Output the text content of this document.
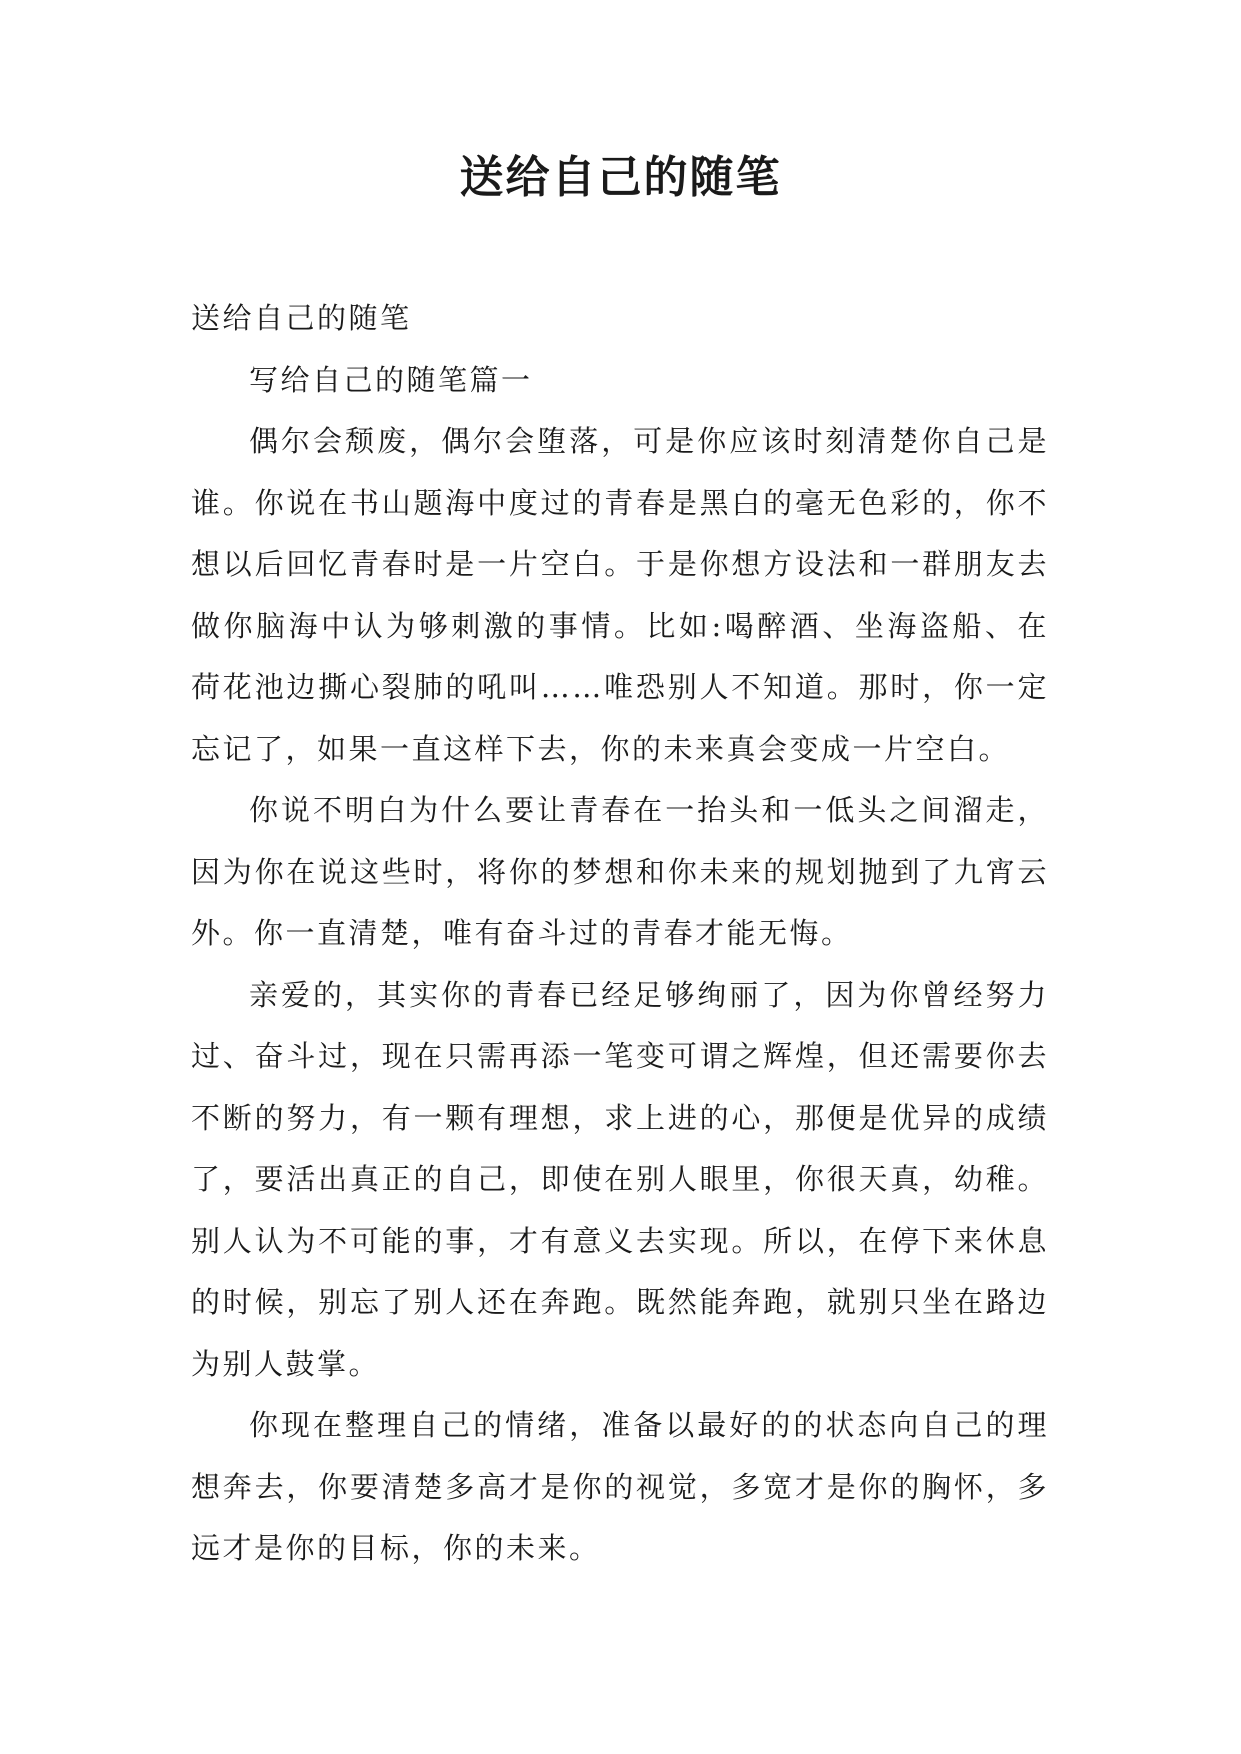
送给自己的随笔

送给自己的随笔

写给自己的随笔篇一

偶尔会颓废，偶尔会堕落，可是你应该时刻清楚你自己是谁。你说在书山题海中度过的青春是黑白的毫无色彩的，你不想以后回忆青春时是一片空白。于是你想方设法和一群朋友去做你脑海中认为够刺激的事情。比如:喝醉酒、坐海盗船、在荷花池边撕心裂肺的吼叫……唯恐别人不知道。那时，你一定忘记了，如果一直这样下去，你的未来真会变成一片空白。

你说不明白为什么要让青春在一抬头和一低头之间溜走，因为你在说这些时，将你的梦想和你未来的规划抛到了九宵云外。你一直清楚，唯有奋斗过的青春才能无悔。

亲爱的，其实你的青春已经足够绚丽了，因为你曾经努力过、奋斗过，现在只需再添一笔变可谓之辉煌，但还需要你去不断的努力，有一颗有理想，求上进的心，那便是优异的成绩了，要活出真正的自己，即使在别人眼里，你很天真，幼稚。别人认为不可能的事，才有意义去实现。所以，在停下来休息的时候，别忘了别人还在奔跑。既然能奔跑，就别只坐在路边为别人鼓掌。

你现在整理自己的情绪，准备以最好的的状态向自己的理想奔去，你要清楚多高才是你的视觉，多宽才是你的胸怀，多远才是你的目标，你的未来。
